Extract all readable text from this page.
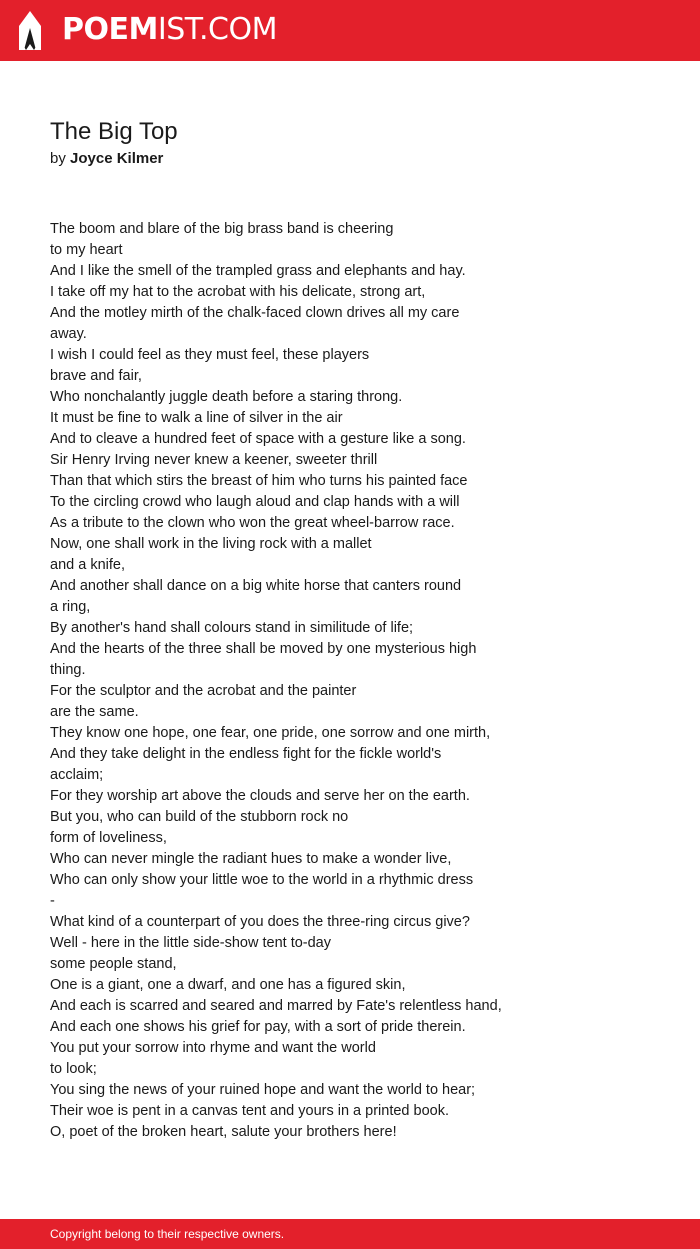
POEMIST.COM
The Big Top
by Joyce Kilmer
The boom and blare of the big brass band is cheering
to my heart
And I like the smell of the trampled grass and elephants and hay.
I take off my hat to the acrobat with his delicate, strong art,
And the motley mirth of the chalk-faced clown drives all my care
away.
I wish I could feel as they must feel, these players
brave and fair,
Who nonchalantly juggle death before a staring throng.
It must be fine to walk a line of silver in the air
And to cleave a hundred feet of space with a gesture like a song.
Sir Henry Irving never knew a keener, sweeter thrill
Than that which stirs the breast of him who turns his painted face
To the circling crowd who laugh aloud and clap hands with a will
As a tribute to the clown who won the great wheel-barrow race.
Now, one shall work in the living rock with a mallet
and a knife,
And another shall dance on a big white horse that canters round
a ring,
By another's hand shall colours stand in similitude of life;
And the hearts of the three shall be moved by one mysterious high
thing.
For the sculptor and the acrobat and the painter
are the same.
They know one hope, one fear, one pride, one sorrow and one mirth,
And they take delight in the endless fight for the fickle world's
acclaim;
For they worship art above the clouds and serve her on the earth.
But you, who can build of the stubborn rock no
form of loveliness,
Who can never mingle the radiant hues to make a wonder live,
Who can only show your little woe to the world in a rhythmic dress
-
What kind of a counterpart of you does the three-ring circus give?
Well - here in the little side-show tent to-day
some people stand,
One is a giant, one a dwarf, and one has a figured skin,
And each is scarred and seared and marred by Fate's relentless hand,
And each one shows his grief for pay, with a sort of pride therein.
You put your sorrow into rhyme and want the world
to look;
You sing the news of your ruined hope and want the world to hear;
Their woe is pent in a canvas tent and yours in a printed book.
O, poet of the broken heart, salute your brothers here!
Copyright belong to their respective owners.
